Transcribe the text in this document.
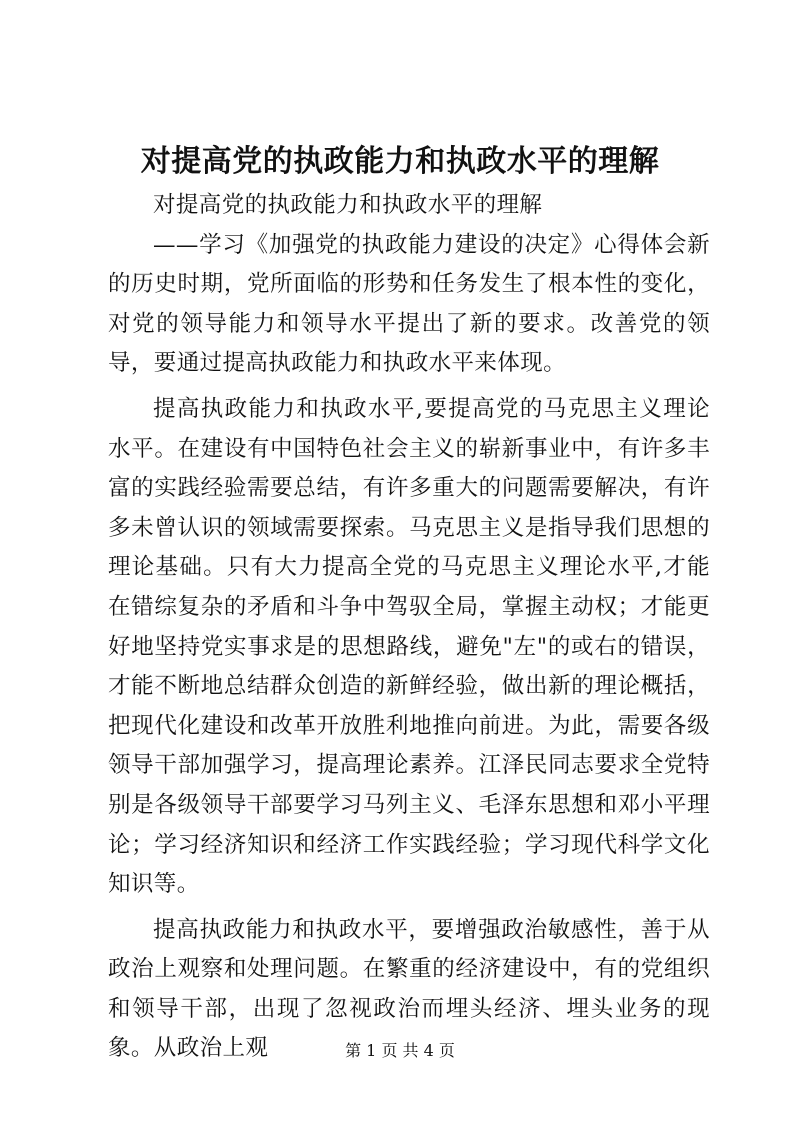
对提高党的执政能力和执政水平的理解

对提高党的执政能力和执政水平的理解

——学习《加强党的执政能力建设的决定》心得体会新的历史时期，党所面临的形势和任务发生了根本性的变化，对党的领导能力和领导水平提出了新的要求。改善党的领导，要通过提高执政能力和执政水平来体现。

提高执政能力和执政水平,要提高党的马克思主义理论水平。在建设有中国特色社会主义的崭新事业中，有许多丰富的实践经验需要总结，有许多重大的问题需要解决，有许多未曾认识的领域需要探索。马克思主义是指导我们思想的理论基础。只有大力提高全党的马克思主义理论水平,才能在错综复杂的矛盾和斗争中驾驭全局，掌握主动权；才能更好地坚持党实事求是的思想路线，避免"左"的或右的错误，才能不断地总结群众创造的新鲜经验，做出新的理论概括，把现代化建设和改革开放胜利地推向前进。为此，需要各级领导干部加强学习，提高理论素养。江泽民同志要求全党特别是各级领导干部要学习马列主义、毛泽东思想和邓小平理论；学习经济知识和经济工作实践经验；学习现代科学文化知识等。

提高执政能力和执政水平，要增强政治敏感性，善于从政治上观察和处理问题。在繁重的经济建设中，有的党组织和领导干部，出现了忽视政治而埋头经济、埋头业务的现象。从政治上观	第 1 页 共 4 页
